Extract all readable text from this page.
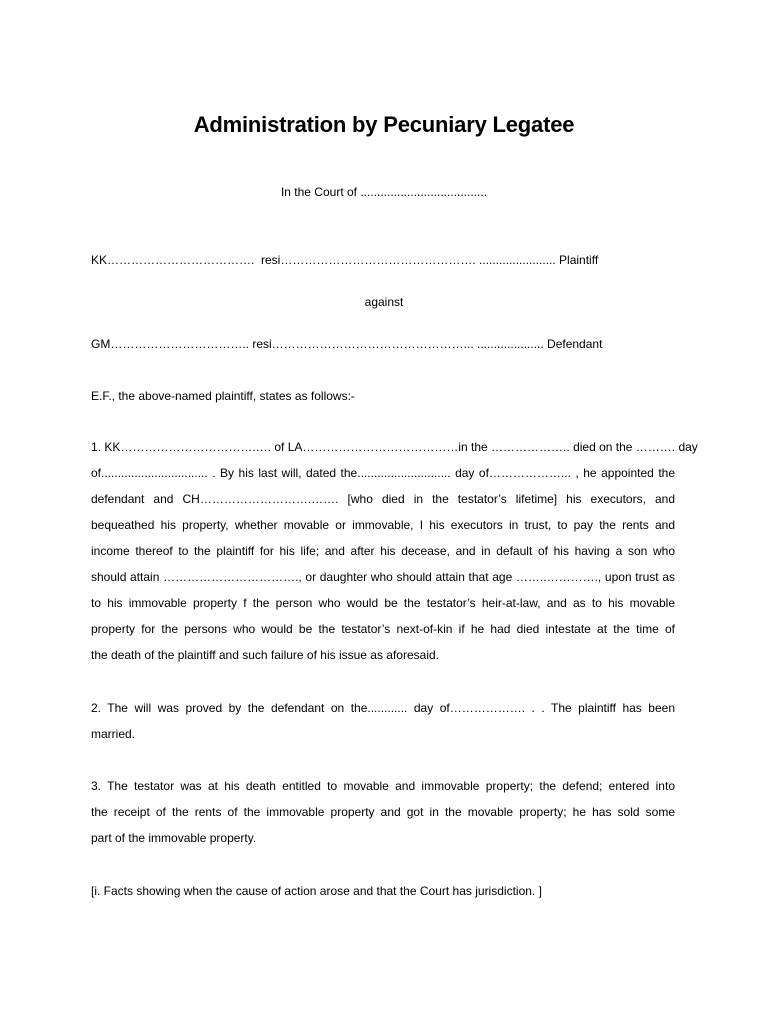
Administration by Pecuniary Legatee
In the Court of ......................................
KK………………………………. resi…………………………………………. ....................... Plaintiff
against
GM…………………………….. resi…………………………………………... .................... Defendant
E.F., the above-named plaintiff, states as follows:-
1. KK…………………………….…. of LA…………………………………in the ……………….. died on the ………. day
of................................ . By his last will, dated the............................ day of………………... , he appointed the
defendant and CH……………………….……. [who died in the testator’s lifetime] his executors, and
bequeathed his property, whether movable or immovable, I his executors in trust, to pay the rents and
income thereof to the plaintiff for his life; and after his decease, and in default of his having a son who
should attain ……………………………., or daughter who should attain that age ……..…………., upon trust as
to his immovable property f the person who would be the testator’s heir-at-law, and as to his movable
property for the persons who would be the testator’s next-of-kin if he had died intestate at the time of
the death of the plaintiff and such failure of his issue as aforesaid.
2. The will was proved by the defendant on the............ day of………………. . . The plaintiff has been
married.
3. The testator was at his death entitled to movable and immovable property; the defend; entered into
the receipt of the rents of the immovable property and got in the movable property; he has sold some
part of the immovable property.
[i. Facts showing when the cause of action arose and that the Court has jurisdiction. ]
